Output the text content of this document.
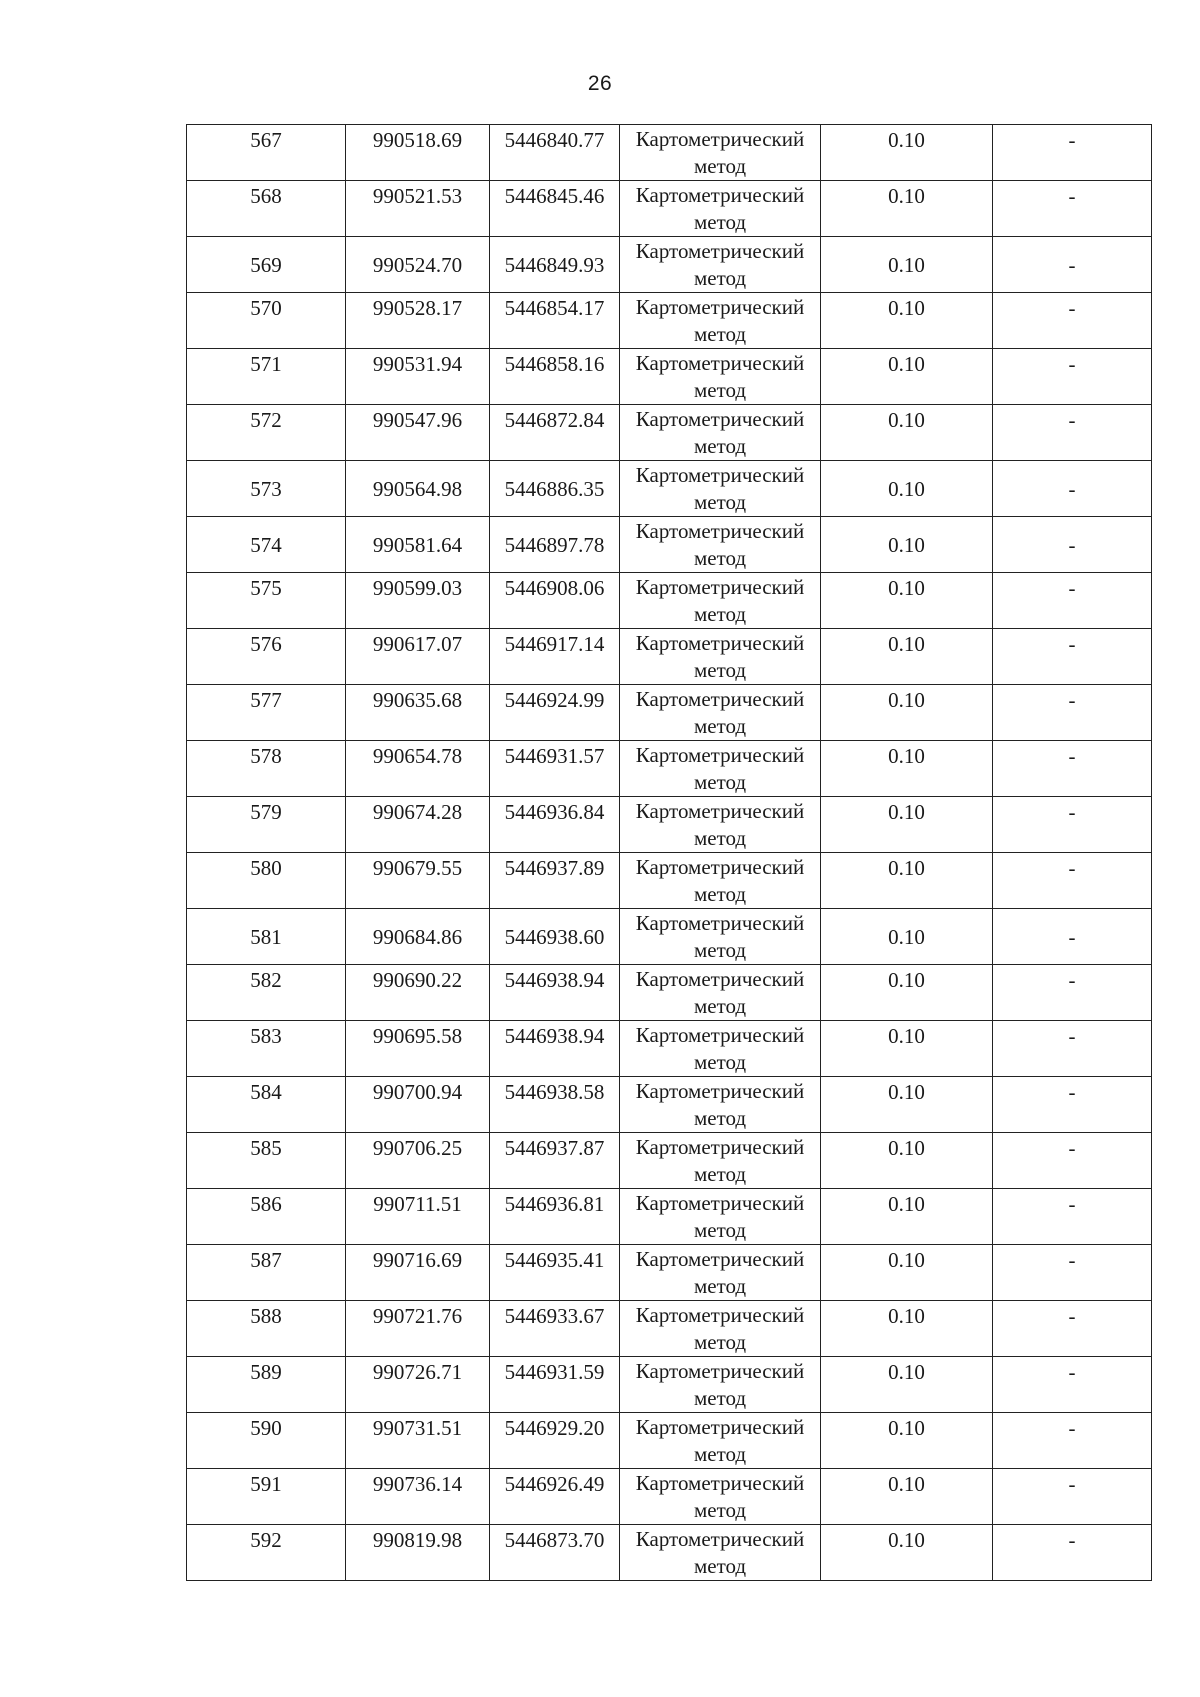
26
567	990518.69	5446840.77	Картометрический метод	0.10	-
568	990521.53	5446845.46	Картометрический метод	0.10	-
569	990524.70	5446849.93	Картометрический метод	0.10	-
570	990528.17	5446854.17	Картометрический метод	0.10	-
571	990531.94	5446858.16	Картометрический метод	0.10	-
572	990547.96	5446872.84	Картометрический метод	0.10	-
573	990564.98	5446886.35	Картометрический метод	0.10	-
574	990581.64	5446897.78	Картометрический метод	0.10	-
575	990599.03	5446908.06	Картометрический метод	0.10	-
576	990617.07	5446917.14	Картометрический метод	0.10	-
577	990635.68	5446924.99	Картометрический метод	0.10	-
578	990654.78	5446931.57	Картометрический метод	0.10	-
579	990674.28	5446936.84	Картометрический метод	0.10	-
580	990679.55	5446937.89	Картометрический метод	0.10	-
581	990684.86	5446938.60	Картометрический метод	0.10	-
582	990690.22	5446938.94	Картометрический метод	0.10	-
583	990695.58	5446938.94	Картометрический метод	0.10	-
584	990700.94	5446938.58	Картометрический метод	0.10	-
585	990706.25	5446937.87	Картометрический метод	0.10	-
586	990711.51	5446936.81	Картометрический метод	0.10	-
587	990716.69	5446935.41	Картометрический метод	0.10	-
588	990721.76	5446933.67	Картометрический метод	0.10	-
589	990726.71	5446931.59	Картометрический метод	0.10	-
590	990731.51	5446929.20	Картометрический метод	0.10	-
591	990736.14	5446926.49	Картометрический метод	0.10	-
592	990819.98	5446873.70	Картометрический метод	0.10	-
